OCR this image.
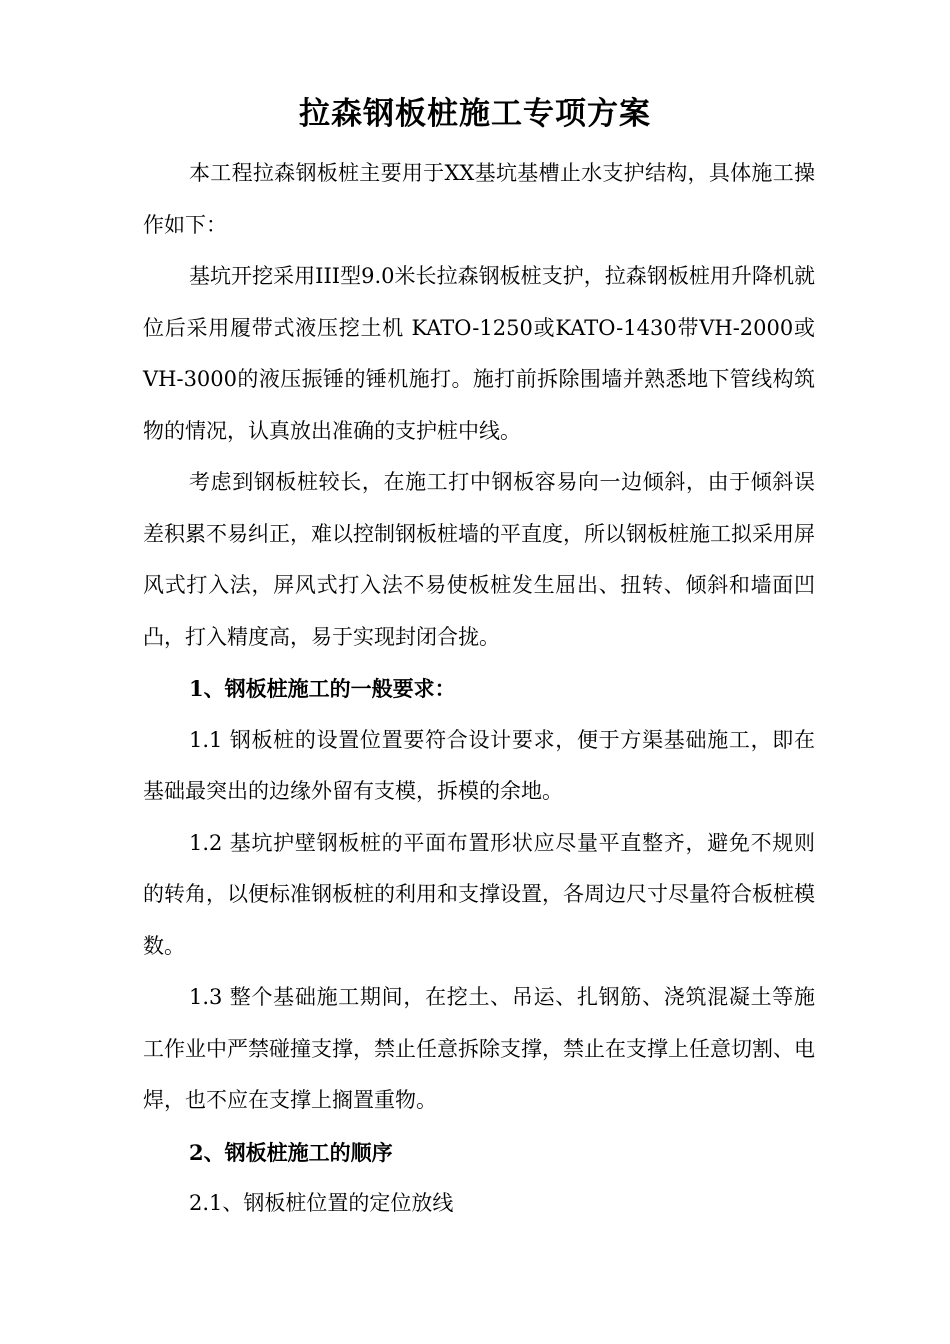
拉森钢板桩施工专项方案

本工程拉森钢板桩主要用于XX基坑基槽止水支护结构，具体施工操作如下：

基坑开挖采用III型9.0米长拉森钢板桩支护，拉森钢板桩用升降机就位后采用履带式液压挖土机 KATO-1250或KATO-1430带VH-2000或VH-3000的液压振锤的锤机施打。施打前拆除围墙并熟悉地下管线构筑物的情况，认真放出准确的支护桩中线。

考虑到钢板桩较长，在施工打中钢板容易向一边倾斜，由于倾斜误差积累不易纠正，难以控制钢板桩墙的平直度，所以钢板桩施工拟采用屏风式打入法，屏风式打入法不易使板桩发生屈出、扭转、倾斜和墙面凹凸，打入精度高，易于实现封闭合拢。

1、钢板桩施工的一般要求：

1.1 钢板桩的设置位置要符合设计要求，便于方渠基础施工，即在基础最突出的边缘外留有支模，拆模的余地。

1.2 基坑护壁钢板桩的平面布置形状应尽量平直整齐，避免不规则的转角，以便标准钢板桩的利用和支撑设置，各周边尺寸尽量符合板桩模数。

1.3 整个基础施工期间，在挖土、吊运、扎钢筋、浇筑混凝土等施工作业中严禁碰撞支撑，禁止任意拆除支撑，禁止在支撑上任意切割、电焊，也不应在支撑上搁置重物。

2、钢板桩施工的顺序

2.1、钢板桩位置的定位放线
